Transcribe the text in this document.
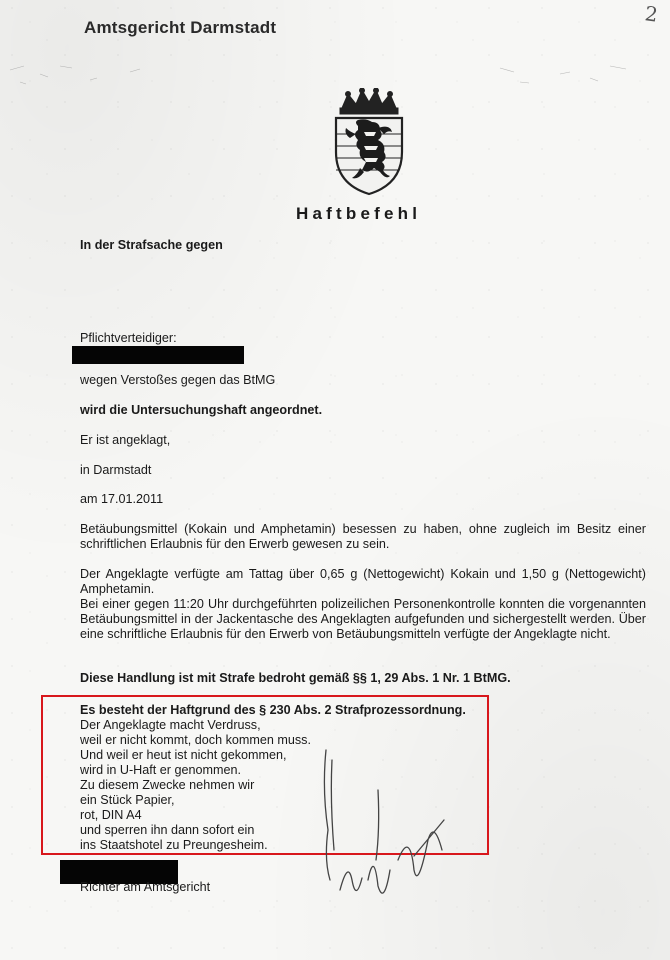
Amtsgericht Darmstadt
2
Haftbefehl
In der Strafsache gegen
Pflichtverteidiger:
wegen Verstoßes gegen das BtMG
wird die Untersuchungshaft angeordnet.
Er ist angeklagt,
in Darmstadt
am 17.01.2011
Betäubungsmittel (Kokain und Amphetamin) besessen zu haben, ohne zugleich im Besitz einer schriftlichen Erlaubnis für den Erwerb gewesen zu sein.
Der Angeklagte verfügte am Tattag über 0,65 g (Nettogewicht) Kokain und 1,50 g (Nettogewicht) Amphetamin.
Bei einer gegen 11:20 Uhr durchgeführten polizeilichen Personenkontrolle konnten die vorgenannten Betäubungsmittel in der Jackentasche des Angeklagten aufgefunden und sichergestellt werden. Über eine schriftliche Erlaubnis für den Erwerb von Betäubungsmitteln verfügte der Angeklagte nicht.
Diese Handlung ist mit Strafe bedroht gemäß §§ 1, 29 Abs. 1 Nr. 1 BtMG.
Es besteht der Haftgrund des § 230 Abs. 2 Strafprozessordnung.
Der Angeklagte macht Verdruss,
weil er nicht kommt, doch kommen muss.
Und weil er heut ist nicht gekommen,
wird in U-Haft er genommen.
Zu diesem Zwecke nehmen wir
ein Stück Papier,
rot, DIN A4
und sperren ihn dann sofort ein
ins Staatshotel zu Preungesheim.
Richter am Amtsgericht
